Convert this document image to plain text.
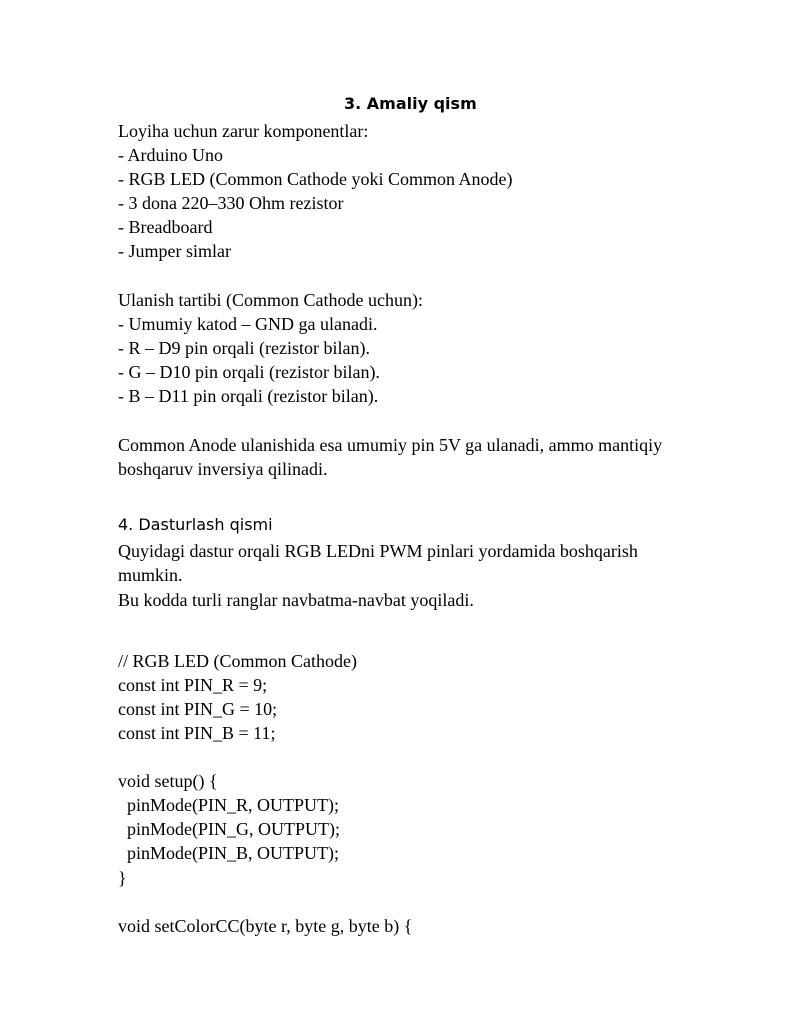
3. Amaliy qism
Loyiha uchun zarur komponentlar:
- Arduino Uno
- RGB LED (Common Cathode yoki Common Anode)
- 3 dona 220–330 Ohm rezistor
- Breadboard
- Jumper simlar
Ulanish tartibi (Common Cathode uchun):
- Umumiy katod – GND ga ulanadi.
- R – D9 pin orqali (rezistor bilan).
- G – D10 pin orqali (rezistor bilan).
- B – D11 pin orqali (rezistor bilan).
Common Anode ulanishida esa umumiy pin 5V ga ulanadi, ammo mantiqiy
boshqaruv inversiya qilinadi.
4. Dasturlash qismi
Quyidagi dastur orqali RGB LEDni PWM pinlari yordamida boshqarish
mumkin.
Bu kodda turli ranglar navbatma-navbat yoqiladi.
// RGB LED (Common Cathode)
const int PIN_R = 9;
const int PIN_G = 10;
const int PIN_B = 11;
void setup() {
pinMode(PIN_R, OUTPUT);
pinMode(PIN_G, OUTPUT);
pinMode(PIN_B, OUTPUT);
}
void setColorCC(byte r, byte g, byte b) {
